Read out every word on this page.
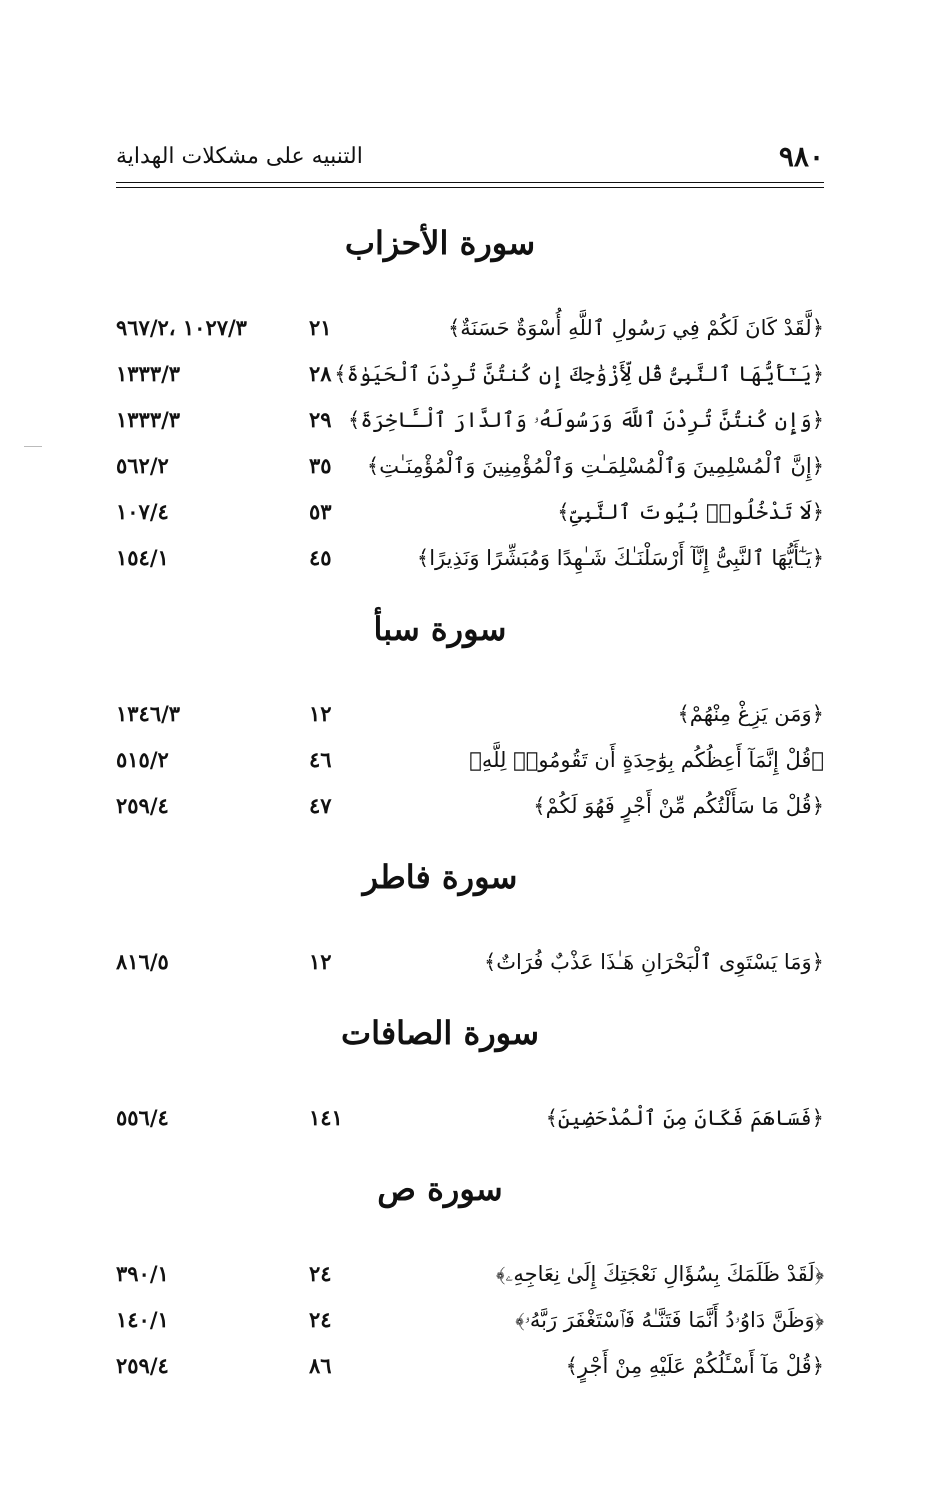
٩٨٠
التنبيه على مشكلات الهداية
سورة الأحزاب
﴿لَّقَدْ كَانَ لَكُمْ فِي رَسُولِ ٱللَّهِ أُسْوَةٌ حَسَنَةٌ﴾
٢١
١٠٢٧/٣ ،٩٦٧/٢
﴿يَـٰٓأَيُّهَا ٱلنَّبِىُّ قُل لِّأَزْوَٰجِكَ إِن كُنتُنَّ تُرِدْنَ ٱلْحَيَوٰةَ﴾
٢٨
١٣٣٣/٣
﴿وَإِن كُنتُنَّ تُرِدْنَ ٱللَّهَ وَرَسُولَهُۥ وَٱلدَّارَ ٱلْـَٔاخِرَةَ﴾
٢٩
١٣٣٣/٣
﴿إِنَّ ٱلْمُسْلِمِينَ وَٱلْمُسْلِمَـٰتِ وَٱلْمُؤْمِنِينَ وَٱلْمُؤْمِنَـٰتِ﴾
٣٥
٥٦٢/٢
﴿لَا تَدْخُلُوا۟ بُيُوتَ ٱلنَّبِىِّ﴾
٥٣
١٠٧/٤
﴿يَـٰٓأَيُّهَا ٱلنَّبِىُّ إِنَّآ أَرْسَلْنَـٰكَ شَـٰهِدًا وَمُبَشِّرًا وَنَذِيرًا﴾
٤٥
١٥٤/١
سورة سبأ
﴿وَمَن يَزِغْ مِنْهُمْ﴾
١٢
١٣٤٦/٣
﴿قُلْ إِنَّمَآ أَعِظُكُم بِوَٰحِدَةٍ أَن تَقُومُوا۟ لِلَّهِ﴾
٤٦
٥١٥/٢
﴿قُلْ مَا سَأَلْتُكُم مِّنْ أَجْرٍ فَهُوَ لَكُمْ﴾
٤٧
٢٥٩/٤
سورة فاطر
﴿وَمَا يَسْتَوِى ٱلْبَحْرَانِ هَـٰذَا عَذْبٌ فُرَاتٌ﴾
١٢
٨١٦/٥
سورة الصافات
﴿فَسَاهَمَ فَكَانَ مِنَ ٱلْمُدْحَضِينَ﴾
١٤١
٥٥٦/٤
سورة ص
﴿لَقَدْ ظَلَمَكَ بِسُؤَالِ نَعْجَتِكَ إِلَىٰ نِعَاجِهِۦ﴾
٢٤
٣٩٠/١
﴿وَظَنَّ دَاوُۥدُ أَنَّمَا فَتَنَّـٰهُ فَٱسْتَغْفَرَ رَبَّهُۥ﴾
٢٤
١٤٠/١
﴿قُلْ مَآ أَسْـَٔلُكُمْ عَلَيْهِ مِنْ أَجْرٍ﴾
٨٦
٢٥٩/٤
